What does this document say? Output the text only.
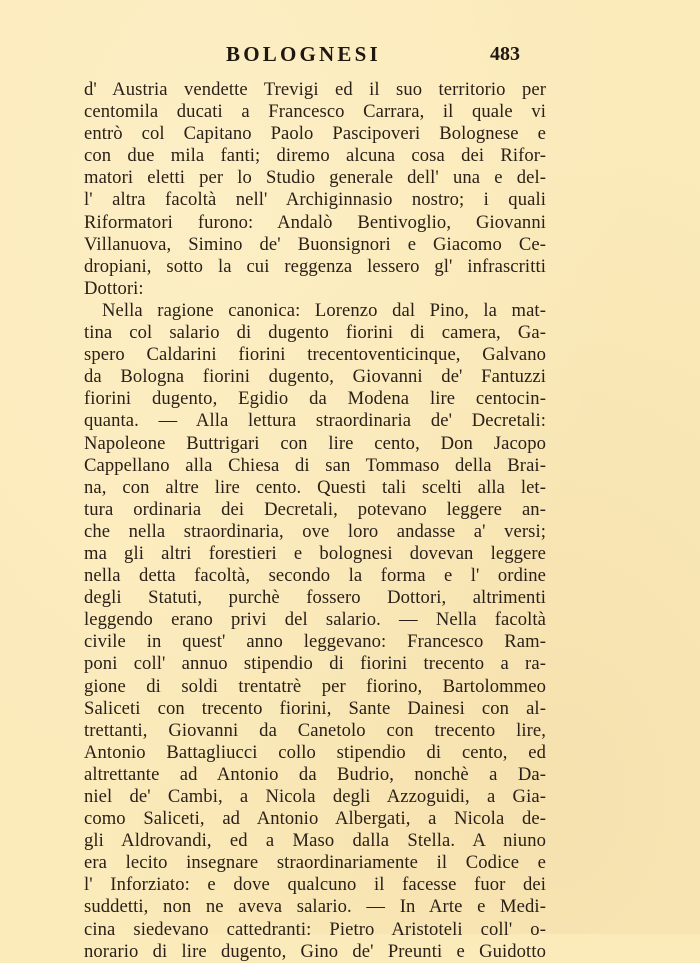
BOLOGNESI	483
d' Austria vendette Trevigi ed il suo territorio per
centomila ducati a Francesco Carrara, il quale vi
entrò col Capitano Paolo Pascipoveri Bolognese e
con due mila fanti; diremo alcuna cosa dei Rifor-
matori eletti per lo Studio generale dell' una e del-
l' altra facoltà nell' Archiginnasio nostro; i quali
Riformatori furono: Andalò Bentivoglio, Giovanni
Villanuova, Simino de' Buonsignori e Giacomo Ce-
dropiani, sotto la cui reggenza lessero gl' infrascritti
Dottori:
Nella ragione canonica: Lorenzo dal Pino, la mat-
tina col salario di dugento fiorini di camera, Ga-
spero Caldarini fiorini trecentoventicinque, Galvano
da Bologna fiorini dugento, Giovanni de' Fantuzzi
fiorini dugento, Egidio da Modena lire centocin-
quanta. — Alla lettura straordinaria de' Decretali:
Napoleone Buttrigari con lire cento, Don Jacopo
Cappellano alla Chiesa di san Tommaso della Brai-
na, con altre lire cento. Questi tali scelti alla let-
tura ordinaria dei Decretali, potevano leggere an-
che nella straordinaria, ove loro andasse a' versi;
ma gli altri forestieri e bolognesi dovevan leggere
nella detta facoltà, secondo la forma e l' ordine
degli Statuti, purchè fossero Dottori, altrimenti
leggendo erano privi del salario. — Nella facoltà
civile in quest' anno leggevano: Francesco Ram-
poni coll' annuo stipendio di fiorini trecento a ra-
gione di soldi trentatrè per fiorino, Bartolommeo
Saliceti con trecento fiorini, Sante Dainesi con al-
trettanti, Giovanni da Canetolo con trecento lire,
Antonio Battagliucci collo stipendio di cento, ed
altrettante ad Antonio da Budrio, nonchè a Da-
niel de' Cambi, a Nicola degli Azzoguidi, a Gia-
como Saliceti, ad Antonio Albergati, a Nicola de-
gli Aldrovandi, ed a Maso dalla Stella. A niuno
era lecito insegnare straordinariamente il Codice e
l' Inforziato: e dove qualcuno il facesse fuor dei
suddetti, non ne aveva salario. — In Arte e Medi-
cina siedevano cattedranti: Pietro Aristoteli coll' o-
norario di lire dugento, Gino de' Preunti e Guidotto
